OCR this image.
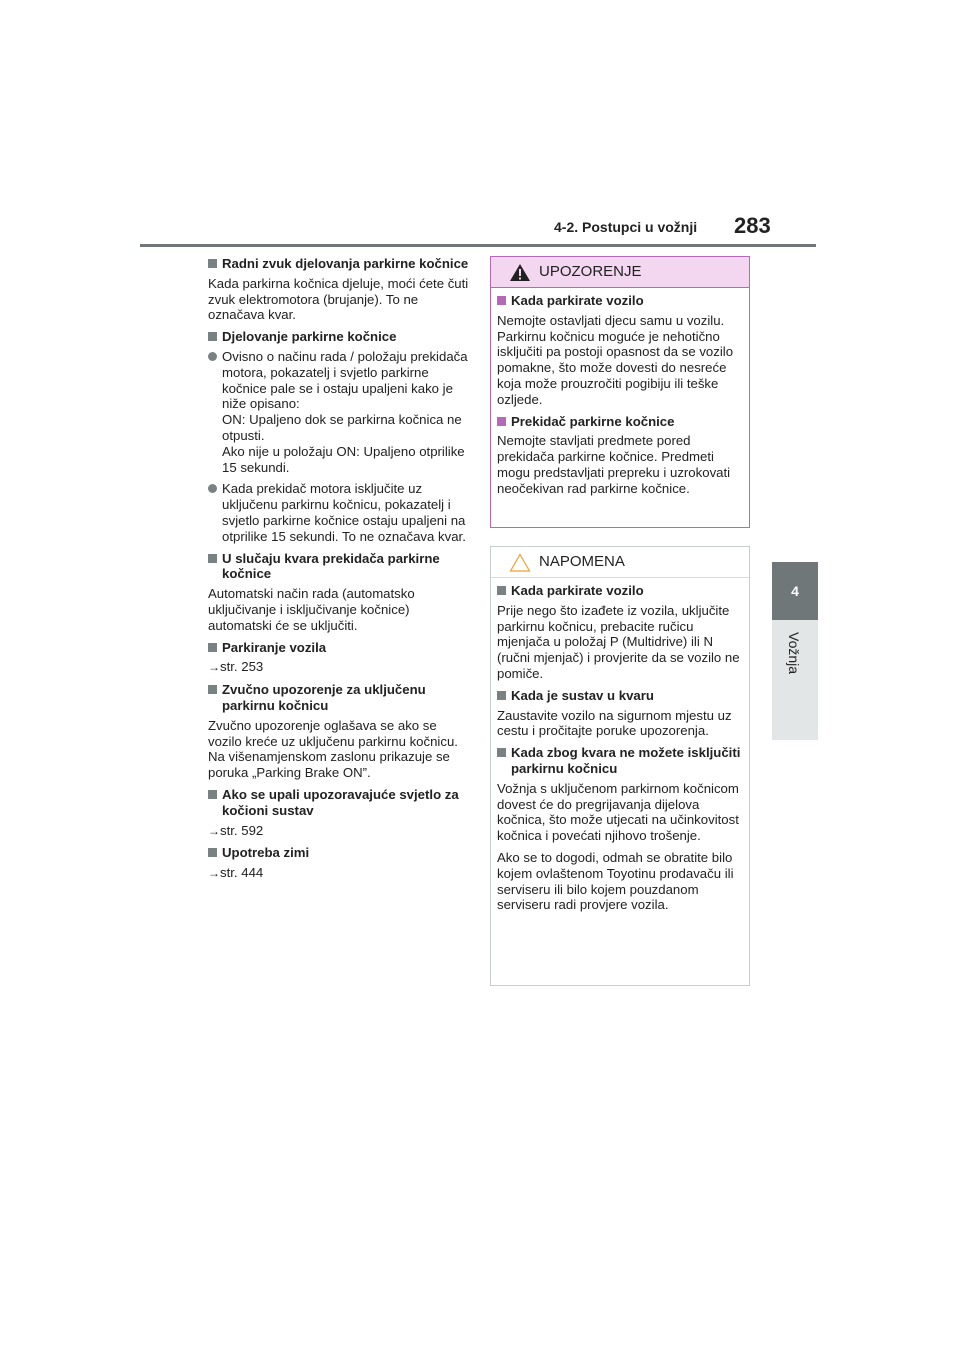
4-2. Postupci u vožnji 283
4
Vožnja
Radni zvuk djelovanja parkirne kočnice

Kada parkirna kočnica djeluje, moći ćete čuti zvuk elektromotora (brujanje). To ne označava kvar.

Djelovanje parkirne kočnice
Ovisno o načinu rada / položaju prekidača motora, pokazatelj i svjetlo parkirne kočnice pale se i ostaju upaljeni kako je niže opisano:
ON: Upaljeno dok se parkirna kočnica ne otpusti.
Ako nije u položaju ON: Upaljeno otprilike 15 sekundi.
Kada prekidač motora isključite uz uključenu parkirnu kočnicu, pokazatelj i svjetlo parkirne kočnice ostaju upaljeni na otprilike 15 sekundi. To ne označava kvar.
U slučaju kvara prekidača parkirne kočnice

Automatski način rada (automatsko uključivanje i isključivanje kočnice) automatski će se uključiti.

Parkiranje vozila

→str. 253

Zvučno upozorenje za uključenu parkirnu kočnicu

Zvučno upozorenje oglašava se ako se vozilo kreće uz uključenu parkirnu kočnicu. Na višenamjenskom zaslonu prikazuje se poruka „Parking Brake ON”.

Ako se upali upozoravajuće svjetlo za kočioni sustav

→str. 592

Upotreba zimi

→str. 444

UPOZORENJE
Kada parkirate vozilo

Nemojte ostavljati djecu samu u vozilu. Parkirnu kočnicu moguće je nehotično isključiti pa postoji opasnost da se vozilo pomakne, što može dovesti do nesreće koja može prouzročiti pogibiju ili teške ozljede.

Prekidač parkirne kočnice

Nemojte stavljati predmete pored prekidača parkirne kočnice. Predmeti mogu predstavljati prepreku i uzrokovati neočekivan rad parkirne kočnice.

NAPOMENA
Kada parkirate vozilo

Prije nego što izađete iz vozila, uključite parkirnu kočnicu, prebacite ručicu mjenjača u položaj P (Multidrive) ili N (ručni mjenjač) i provjerite da se vozilo ne pomiče.

Kada je sustav u kvaru

Zaustavite vozilo na sigurnom mjestu uz cestu i pročitajte poruke upozorenja.

Kada zbog kvara ne možete isključiti parkirnu kočnicu

Vožnja s uključenom parkirnom kočnicom dovest će do pregrijavanja dijelova kočnica, što može utjecati na učinkovitost kočnica i povećati njihovo trošenje.

Ako se to dogodi, odmah se obratite bilo kojem ovlaštenom Toyotinu prodavaču ili serviseru ili bilo kojem pouzdanom serviseru radi provjere vozila.
